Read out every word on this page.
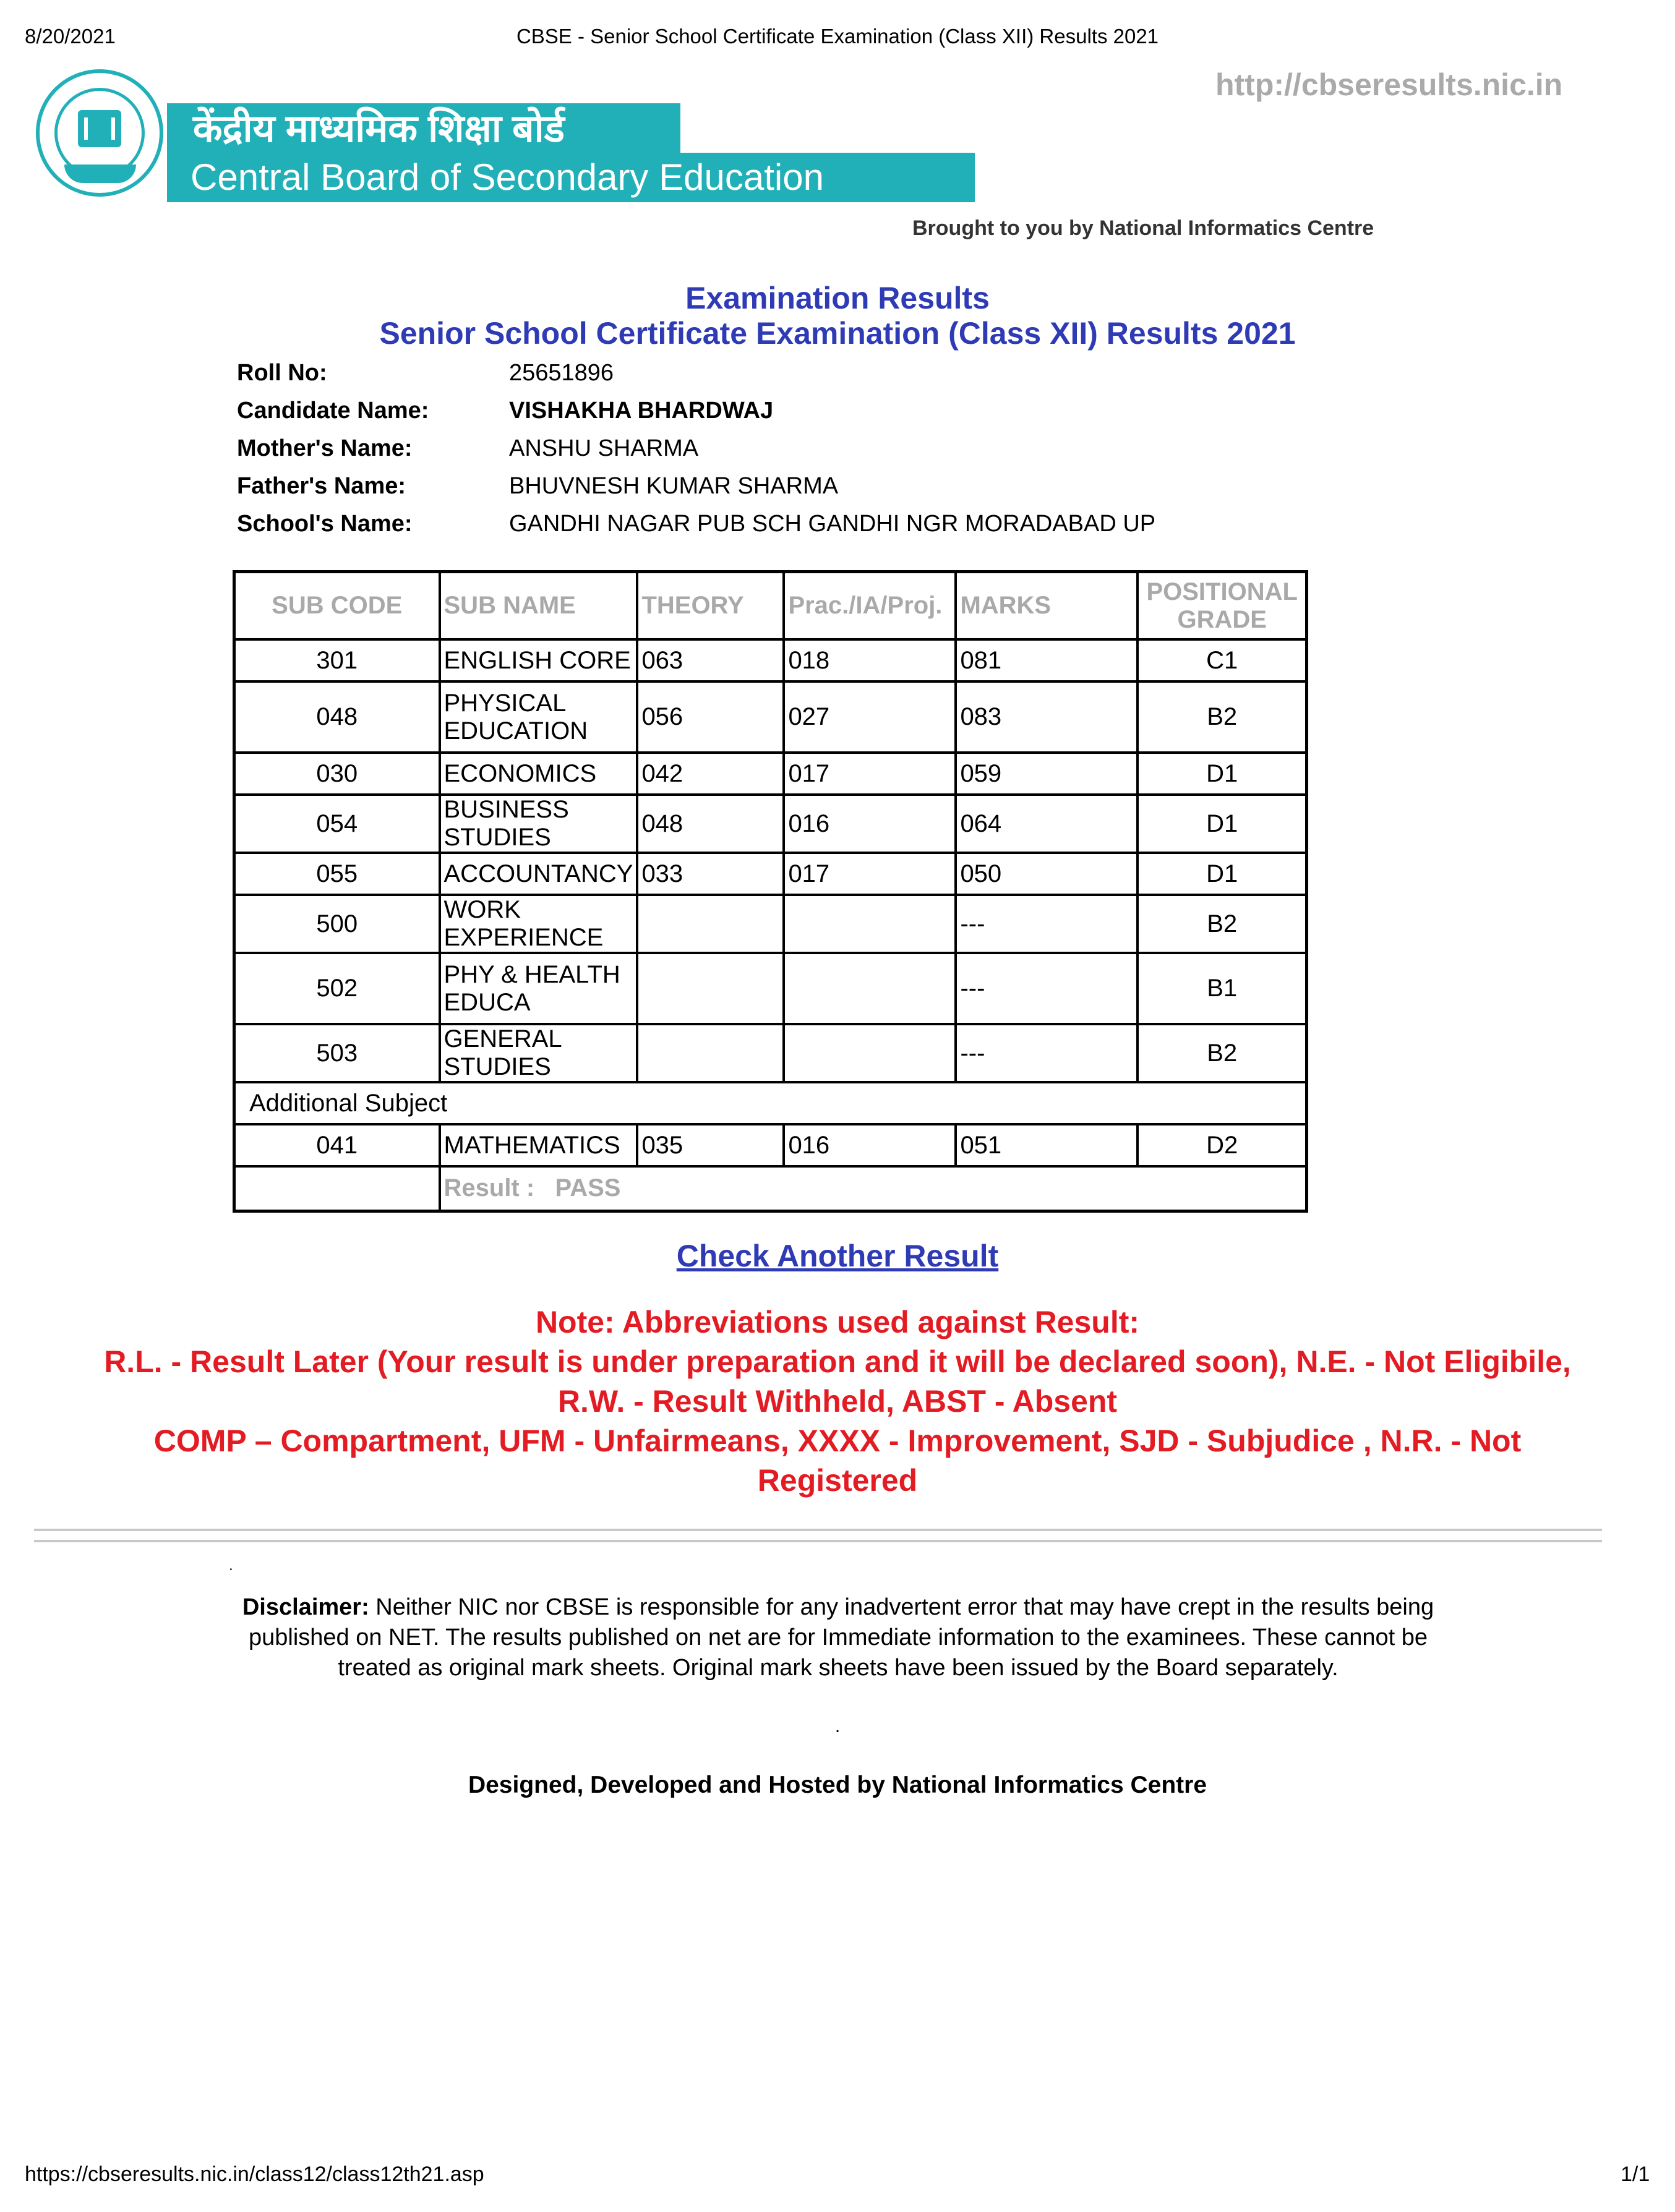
8/20/2021	CBSE - Senior School Certificate Examination (Class XII) Results 2021
केंद्रीय माध्यमिक शिक्षा बोर्ड
Central Board of Secondary Education
http://cbseresults.nic.in
Brought to you by National Informatics Centre
Examination Results
Senior School Certificate Examination (Class XII) Results 2021
Roll No:	25651896
Candidate Name:	VISHAKHA BHARDWAJ
Mother's Name:	ANSHU SHARMA
Father's Name:	BHUVNESH KUMAR SHARMA
School's Name:	GANDHI NAGAR PUB SCH GANDHI NGR MORADABAD UP
SUB CODE	SUB NAME	THEORY	Prac./IA/Proj.	MARKS	POSITIONAL GRADE
301	ENGLISH CORE	063	018	081	C1
048	PHYSICAL EDUCATION	056	027	083	B2
030	ECONOMICS	042	017	059	D1
054	BUSINESS STUDIES	048	016	064	D1
055	ACCOUNTANCY	033	017	050	D1
500	WORK EXPERIENCE			---	B2
502	PHY & HEALTH EDUCA			---	B1
503	GENERAL STUDIES			---	B2
Additional Subject					
041	MATHEMATICS	035	016	051	D2
	Result : PASS				
Check Another Result
Note: Abbreviations used against Result:
R.L. - Result Later (Your result is under preparation and it will be declared soon), N.E. - Not Eligibile,
R.W. - Result Withheld, ABST - Absent
COMP – Compartment, UFM - Unfairmeans, XXXX - Improvement, SJD - Subjudice , N.R. - Not
Registered
.
Disclaimer: Neither NIC nor CBSE is responsible for any inadvertent error that may have crept in the results being published on NET. The results published on net are for Immediate information to the examinees. These cannot be treated as original mark sheets. Original mark sheets have been issued by the Board separately.
.
Designed, Developed and Hosted by National Informatics Centre
https://cbseresults.nic.in/class12/class12th21.asp	1/1
